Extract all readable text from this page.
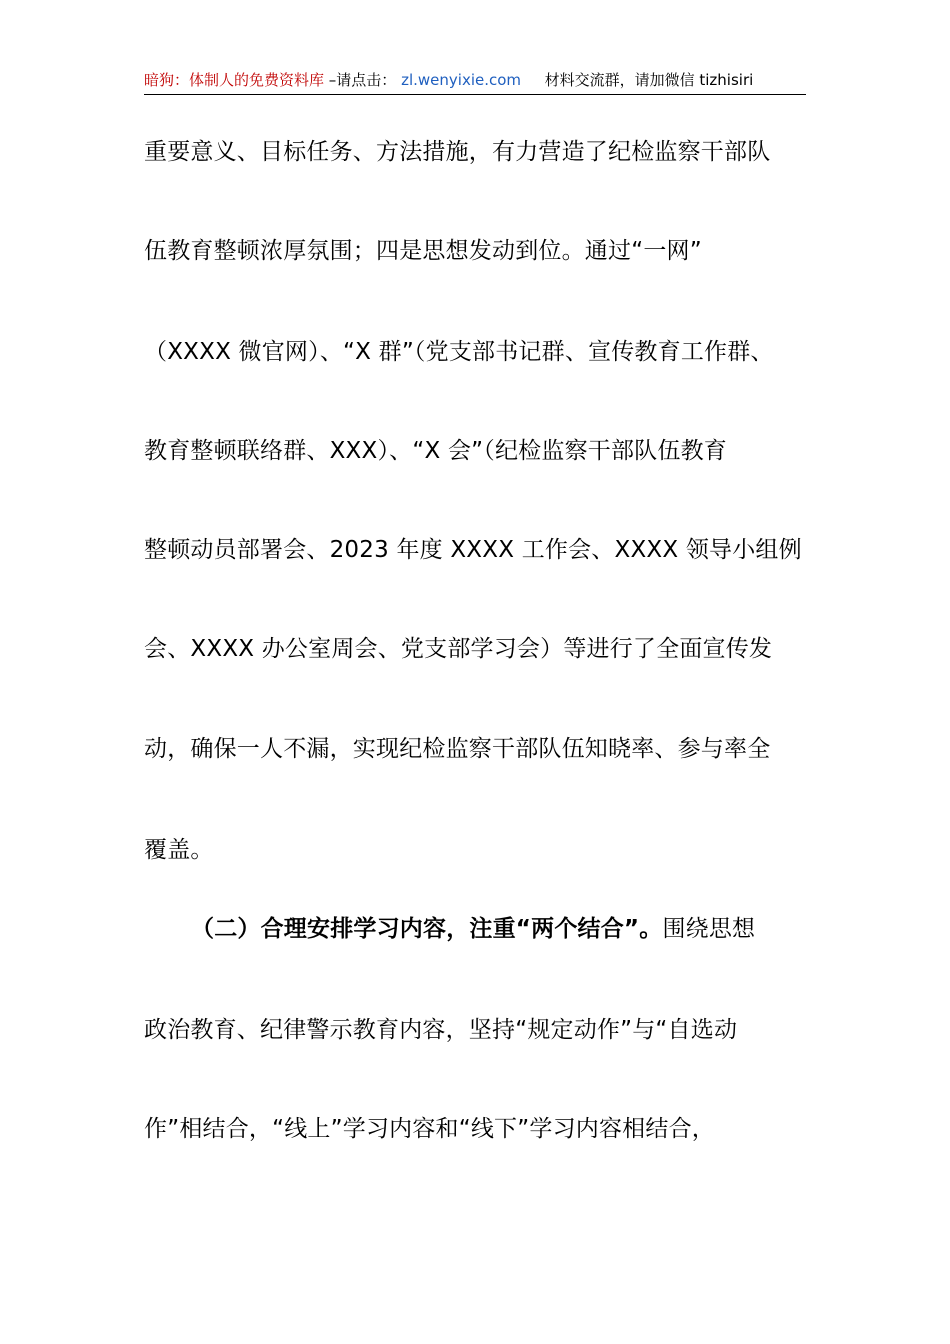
暗狗：体制人的免费资料库 –请点击： zl.wenyixie.com 材料交流群，请加微信 tizhisiri
重要意义、目标任务、方法措施，有力营造了纪检监察干部队
伍教育整顿浓厚氛围；四是思想发动到位。通过“一网”
（XXXX 微官网）、“X 群”（党支部书记群、宣传教育工作群、
教育整顿联络群、XXX）、“X 会”（纪检监察干部队伍教育
整顿动员部署会、2023 年度 XXXX 工作会、XXXX 领导小组例
会、XXXX 办公室周会、党支部学习会）等进行了全面宣传发
动，确保一人不漏，实现纪检监察干部队伍知晓率、参与率全
覆盖。
（二）合理安排学习内容，注重“两个结合”。围绕思想
政治教育、纪律警示教育内容，坚持“规定动作”与“自选动
作”相结合，“线上”学习内容和“线下”学习内容相结合，
